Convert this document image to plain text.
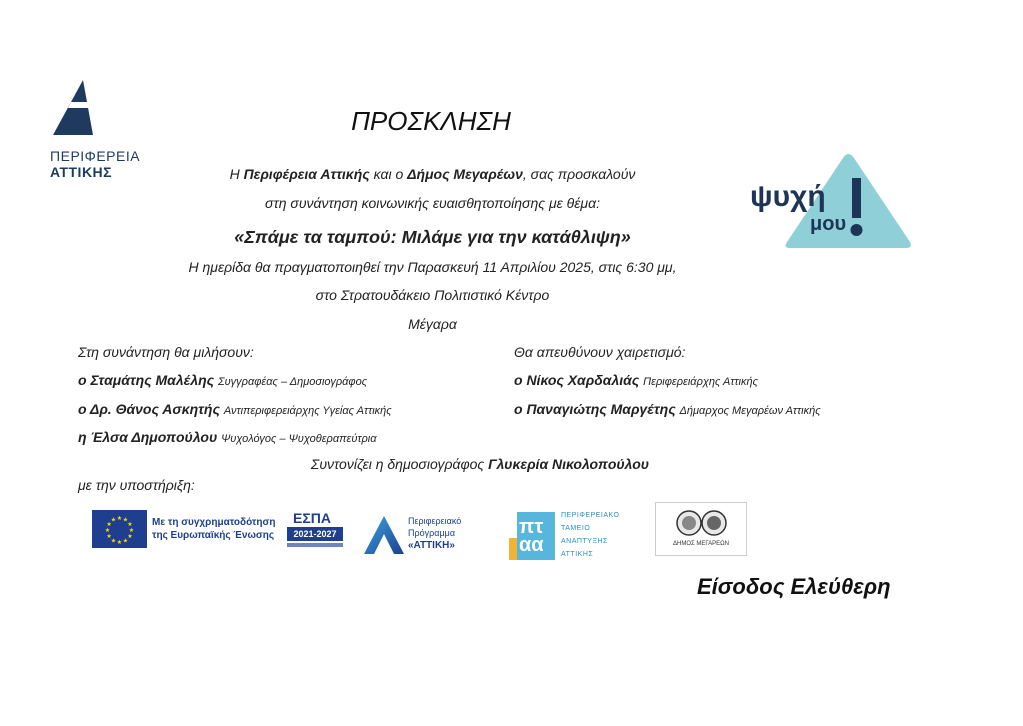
ΠΕΡΙΦΕΡΕΙΑ
ΑΤΤΙΚΗΣ
ψυχή
μου
ΠΡΟΣΚΛΗΣΗ
Η Περιφέρεια Αττικής και ο Δήμος Μεγαρέων, σας προσκαλούν
στη συνάντηση κοινωνικής ευαισθητοποίησης με θέμα:
«Σπάμε τα ταμπού: Μιλάμε για την κατάθλιψη»
Η ημερίδα θα πραγματοποιηθεί την Παρασκευή 11 Απριλίου 2025, στις 6:30 μμ,
στο Στρατουδάκειο Πολιτιστικό Κέντρο
Μέγαρα
Στη συνάντηση θα μιλήσουν:
ο Σταμάτης Μαλέλης Συγγραφέας – Δημοσιογράφος
ο Δρ. Θάνος Ασκητής Αντιπεριφερειάρχης Υγείας Αττικής
η Έλσα Δημοπούλου Ψυχολόγος – Ψυχοθεραπεύτρια
Θα απευθύνουν χαιρετισμό:
ο Νίκος Χαρδαλιάς Περιφερειάρχης Αττικής
ο Παναγιώτης Μαργέτης Δήμαρχος Μεγαρέων Αττικής
Συντονίζει η δημοσιογράφος Γλυκερία Νικολοπούλου
με την υποστήριξη:
★ ★
★
★
★
★
★
★
★
★
★
★	Με τη συγχρηματοδότηση
της Ευρωπαϊκής Ένωσης
ΕΣΠΑ
2021-2027
Περιφερειακό
Πρόγραμμα
«ΑΤΤΙΚΗ»
πτ αα
ΠΕΡΙΦΕΡΕΙΑΚΟ
ΤΑΜΕΙΟ
ΑΝΑΠΤΥΞΗΣ
ΑΤΤΙΚΗΣ
ΔΗΜΟΣ ΜΕΓΑΡΕΩΝ
Είσοδος Ελεύθερη
